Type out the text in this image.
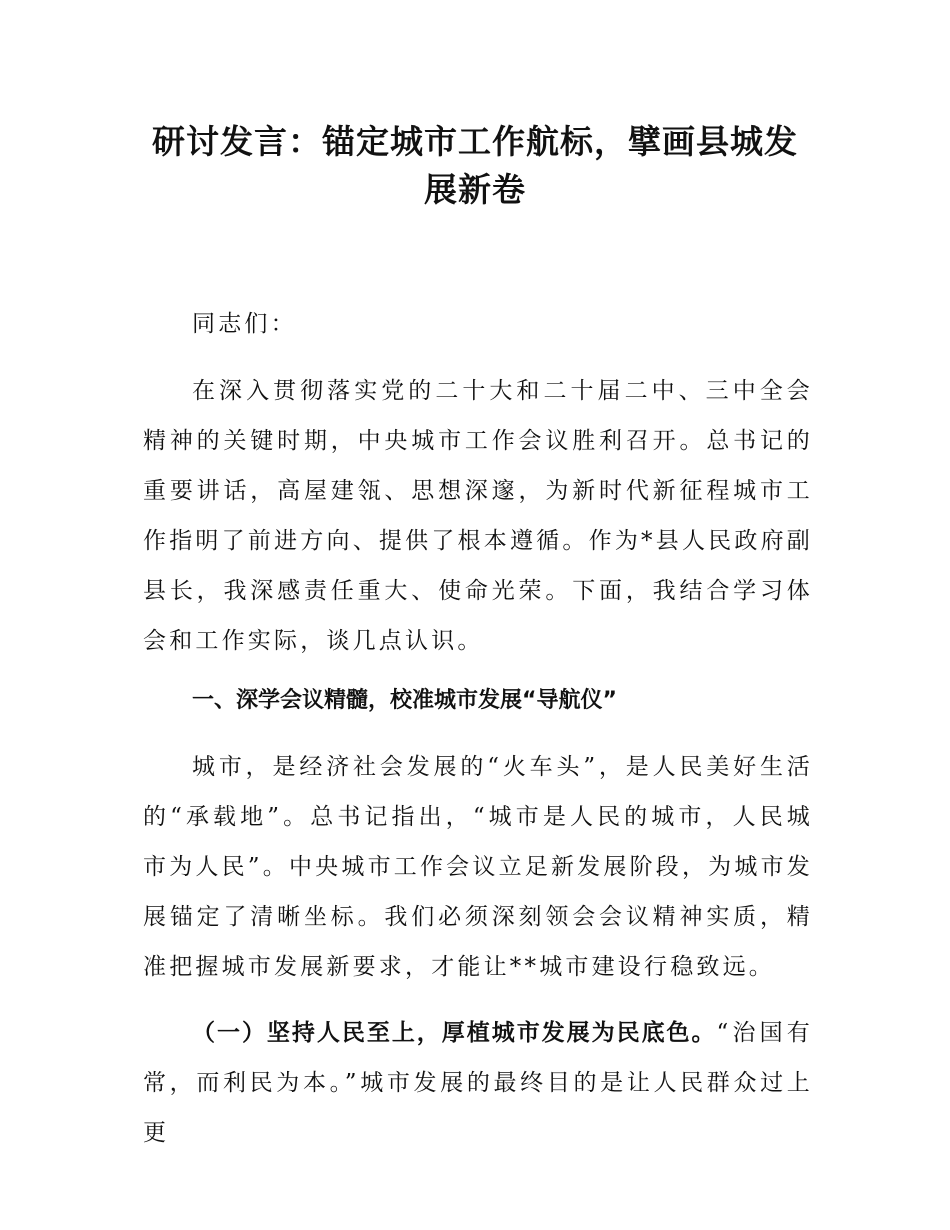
研讨发言：锚定城市工作航标，擘画县城发展新卷

同志们：

在深入贯彻落实党的二十大和二十届二中、三中全会精神的关键时期，中央城市工作会议胜利召开。总书记的重要讲话，高屋建瓴、思想深邃，为新时代新征程城市工作指明了前进方向、提供了根本遵循。作为*县人民政府副县长，我深感责任重大、使命光荣。下面，我结合学习体会和工作实际，谈几点认识。

一、深学会议精髓，校准城市发展“导航仪”

城市，是经济社会发展的“火车头”，是人民美好生活的“承载地”。总书记指出，“城市是人民的城市，人民城市为人民”。中央城市工作会议立足新发展阶段，为城市发展锚定了清晰坐标。我们必须深刻领会会议精神实质，精准把握城市发展新要求，才能让**城市建设行稳致远。

（一）坚持人民至上，厚植城市发展为民底色。“治国有常，而利民为本。”城市发展的最终目的是让人民群众过上更
